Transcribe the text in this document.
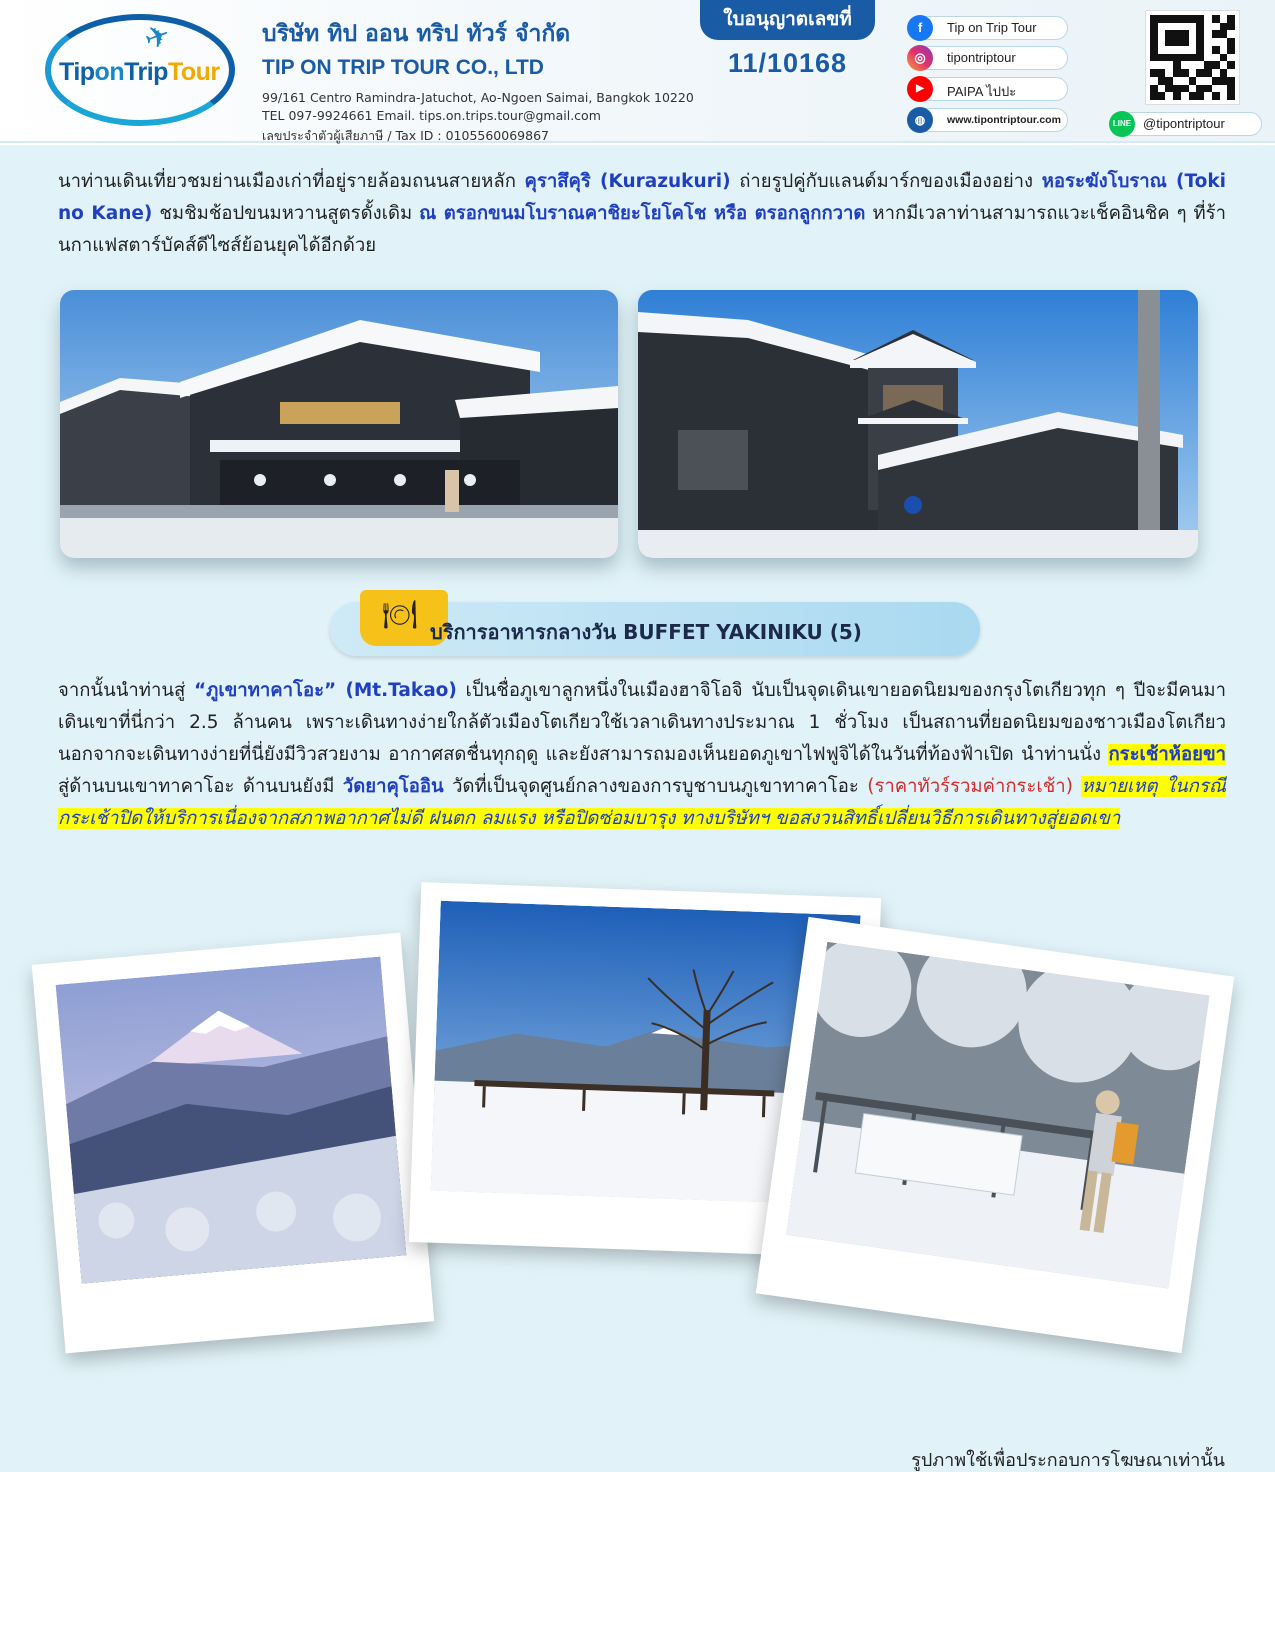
✈
TiponTripTour
บริษัท ทิป ออน ทริป ทัวร์ จำกัด
TIP ON TRIP TOUR CO., LTD
99/161 Centro Ramindra-Jatuchot, Ao-Ngoen Saimai, Bangkok 10220
TEL 097-9924661 Email. tips.on.trips.tour@gmail.com
เลขประจำตัวผู้เสียภาษี / Tax ID : 0105560069867
ใบอนุญาตเลขที่
11/10168
f	Tip on Trip Tour
◎	tipontriptour
▶	PAIPA ไปปะ
◍	www.tipontriptour.com	LINE @tipontriptour
นาท่านเดินเที่ยวชมย่านเมืองเก่าที่อยู่รายล้อมถนนสายหลัก คุราสึคุริ (Kurazukuri) ถ่ายรูปคู่กับแลนด์มาร์กของเมืองอย่าง หอระฆังโบราณ (Toki no Kane) ชมชิมช้อปขนมหวานสูตรดั้งเดิม ณ ตรอกขนมโบราณคาชิยะโยโคโช หรือ ตรอกลูกกวาด หากมีเวลาท่านสามารถแวะเช็คอินชิค ๆ ที่ร้านกาแฟสตาร์บัคส์ดีไซส์ย้อนยุคได้อีกด้วย
🍽
บริการอาหารกลางวัน BUFFET YAKINIKU (5)
จากนั้นนำท่านสู่ “ภูเขาทาคาโอะ” (Mt.Takao) เป็นชื่อภูเขาลูกหนึ่งในเมืองฮาจิโอจิ นับเป็นจุดเดินเขายอดนิยมของกรุงโตเกียวทุก ๆ ปีจะมีคนมาเดินเขาที่นี่กว่า 2.5 ล้านคน เพราะเดินทางง่ายใกล้ตัวเมืองโตเกียวใช้เวลาเดินทางประมาณ 1 ชั่วโมง เป็นสถานที่ยอดนิยมของชาวเมืองโตเกียว นอกจากจะเดินทางง่ายที่นี่ยังมีวิวสวยงาม อากาศสดชื่นทุกฤดู และยังสามารถมองเห็นยอดภูเขาไฟฟูจิได้ในวันที่ท้องฟ้าเปิด นำท่านนั่ง กระเช้าห้อยขา สู่ด้านบนเขาทาคาโอะ ด้านบนยังมี วัดยาคุโออิน วัดที่เป็นจุดศูนย์กลางของการบูชาบนภูเขาทาคาโอะ (ราคาทัวร์รวมค่ากระเช้า) หมายเหตุ ในกรณีกระเช้าปิดให้บริการเนื่องจากสภาพอากาศไม่ดี ฝนตก ลมแรง หรือปิดซ่อมบารุง ทางบริษัทฯ ขอสงวนสิทธิ์เปลี่ยนวิธีการเดินทางสู่ยอดเขา
รูปภาพใช้เพื่อประกอบการโฆษณาเท่านั้น
